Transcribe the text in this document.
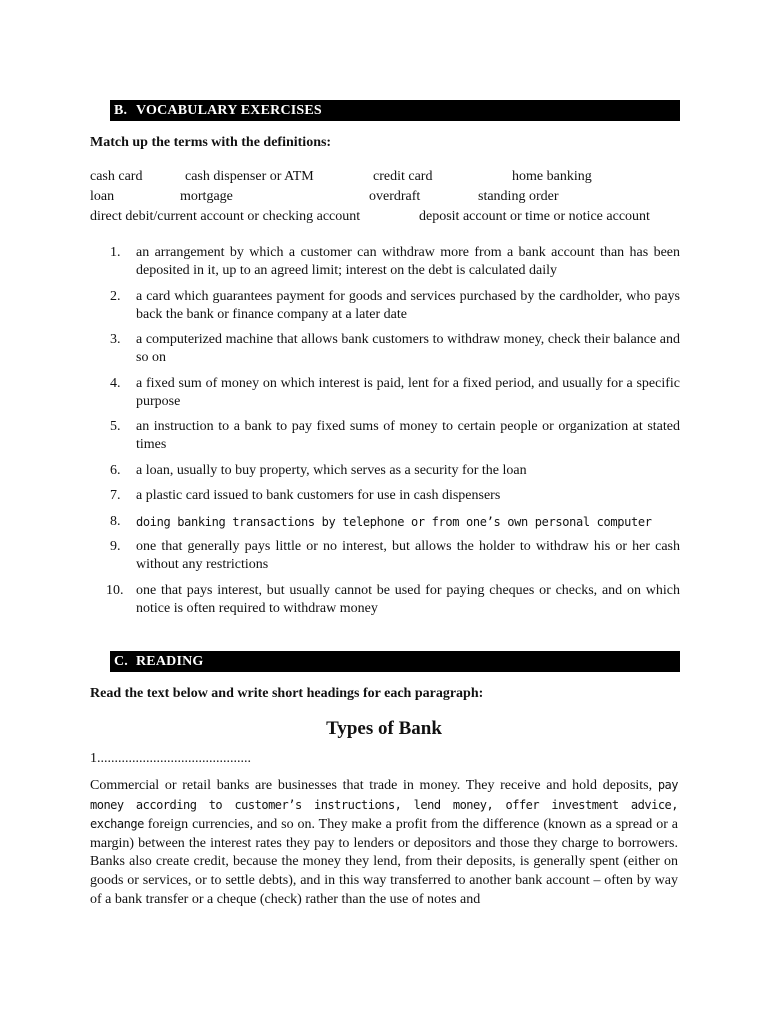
B. VOCABULARY EXERCISES
Match up the terms with the definitions:
cash card	cash dispenser or ATM	credit card	home banking
loan	mortgage	overdraft	standing order
direct debit/current account or checking account	deposit account or time or notice account
1.	an arrangement by which a customer can withdraw more from a bank account than has been deposited in it, up to an agreed limit; interest on the debt is calculated daily
2.	a card which guarantees payment for goods and services purchased by the cardholder, who pays back the bank or finance company at a later date
3.	a computerized machine that allows bank customers to withdraw money, check their balance and so on
4.	a fixed sum of money on which interest is paid, lent for a fixed period, and usually for a specific purpose
5.	an instruction to a bank to pay fixed sums of money to certain people or organization at stated times
6.	a loan, usually to buy property, which serves as a security for the loan
7.	a plastic card issued to bank customers for use in cash dispensers
8.	doing banking transactions by telephone or from one’s own personal computer
9.	one that generally pays little or no interest, but allows the holder to withdraw his or her cash without any restrictions
10. one that pays interest, but usually cannot be used for paying cheques or checks, and on which notice is often required to withdraw money
C. READING
Read the text below and write short headings for each paragraph:
Types of Bank
1............................................
Commercial or retail banks are businesses that trade in money. They receive and hold deposits, pay money according to customer’s instructions, lend money, offer investment advice, exchange foreign currencies, and so on. They make a profit from the difference (known as a spread or a margin) between the interest rates they pay to lenders or depositors and those they charge to borrowers. Banks also create credit, because the money they lend, from their deposits, is generally spent (either on goods or services, or to settle debts), and in this way transferred to another bank account – often by way of a bank transfer or a cheque (check) rather than the use of notes and
